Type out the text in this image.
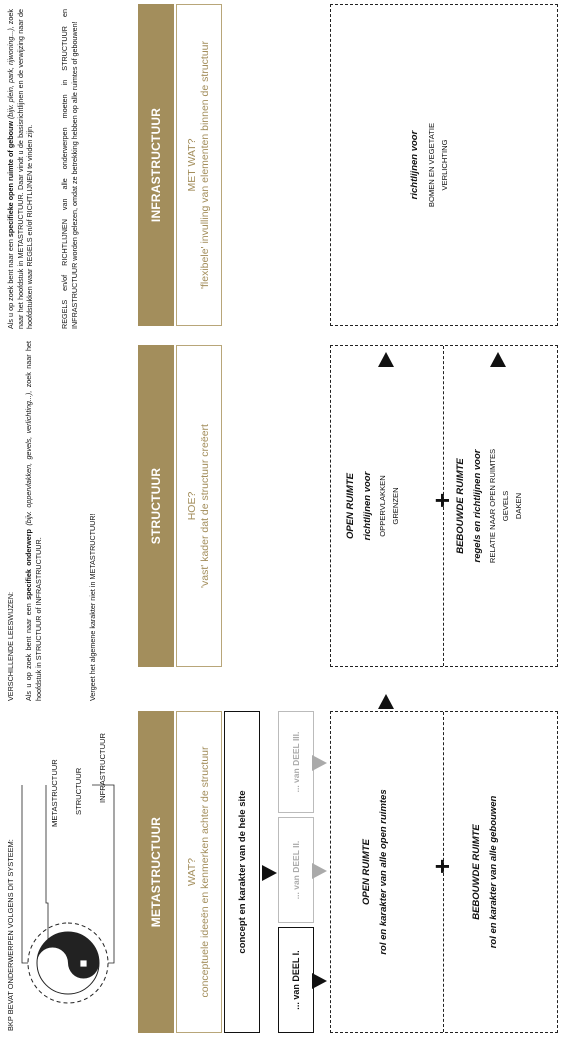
BKP BEVAT ONDERWERPEN VOLGENS DIT SYSTEEM:
METASTRUCTUUR STRUCTUUR INFRASTRUCTUUR
VERSCHILLENDE LEESWIJZEN: Als u op zoek bent naar een specifiek onderwerp (bijv. oppervlakken, gevels, verlichting...), zoek naar het hoofdstuk in STRUCTUUR of INFRASTRUCTUUR.	Vergeet het algemene karakter niet in METASTRUCTUUR!
Als u op zoek bent naar een specifieke open ruimte of gebouw (bijv. plein, park, rijwoning...), zoek naar het hoofdstuk in METASTRUCTUUR. Daar vindt u de basisrichtlijnen en de verwijzing naar de hoofdstukken waar REGELS en/of RICHTLIJNEN te vinden zijn.	REGELS en/of RICHTLIJNEN van alle onderwerpen moeten in STRUCTUUR en INFRASTRUCTUUR worden gelezen, omdat ze betrekking hebben op alle ruimtes of gebouwen!
METASTRUCTUUR
STRUCTUUR
INFRASTRUCTUUR
WAT? conceptuele ideeën en kenmerken achter de structuur
HOE? 'vast' kader dat de structuur creëert
MET WAT? 'flexibele' invulling van elementen binnen de structuur
concept en karakter van de hele site
... van DEEL I.
... van DEEL II.
... van DEEL III.
OPEN RUIMTE rol en karakter van alle open ruimtes	BEBOUWDE RUIMTE rol en karakter van alle gebouwen
+
OPEN RUIMTE richtlijnen voor OPPERVLAKKEN GRENZEN	BEBOUWDE RUIMTE regels en richtlijnen voor RELATIE NAAR OPEN RUIMTES GEVELS DAKEN
+
richtlijnen voor BOMEN EN VEGETATIE VERLICHTING
